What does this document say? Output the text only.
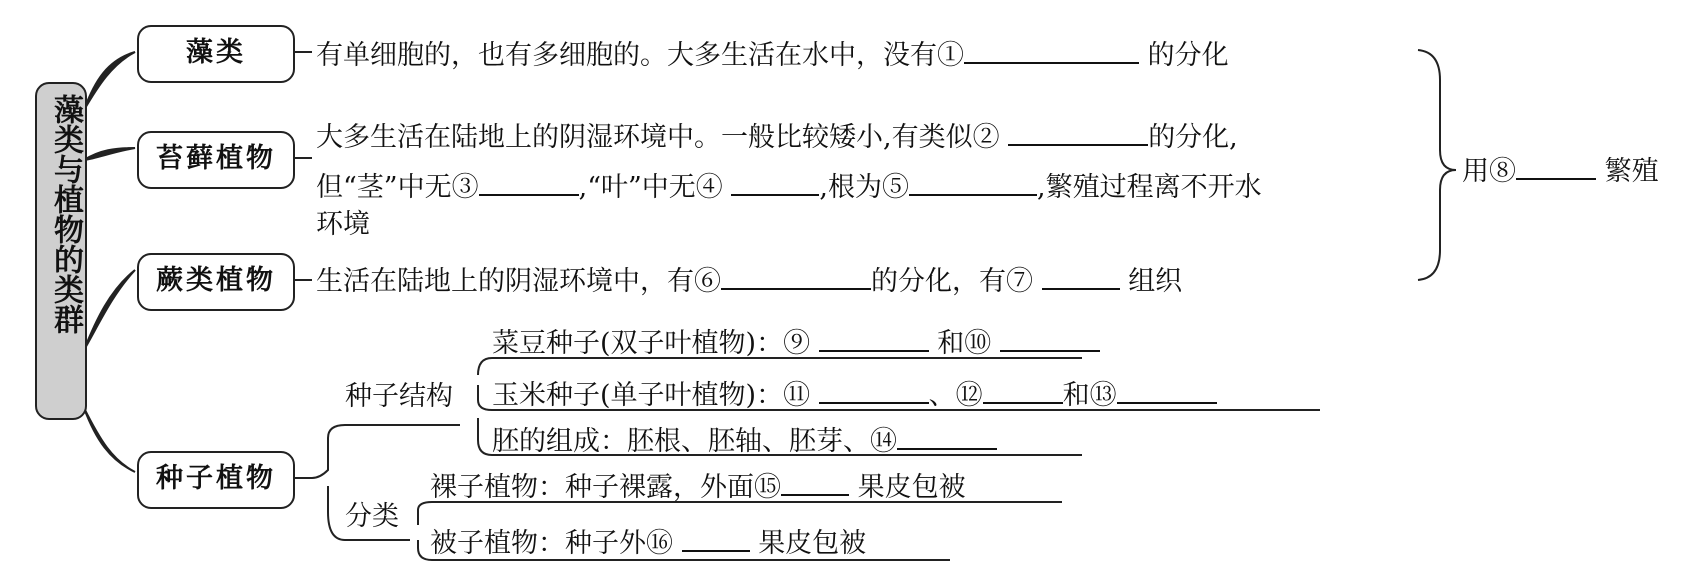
藻类与植物的类群
藻类
苔藓植物
蕨类植物
种子植物
有单细胞的，也有多细胞的。大多生活在水中，没有①	的分化
大多生活在陆地上的阴湿环境中。一般比较矮小,有类似②	的分化,
但“茎”中无③	,“叶”中无④	,根为⑤	,繁殖过程离不开水
环境
生活在陆地上的阴湿环境中，有⑥	的分化，有⑦	组织
用⑧	繁殖
种子结构
菜豆种子(双子叶植物)：⑨	和⑩
玉米种子(单子叶植物)：⑪	、⑫	和⑬
胚的组成：胚根、胚轴、胚芽、⑭
分类
裸子植物：种子裸露，外面⑮	果皮包被
被子植物：种子外⑯	果皮包被
